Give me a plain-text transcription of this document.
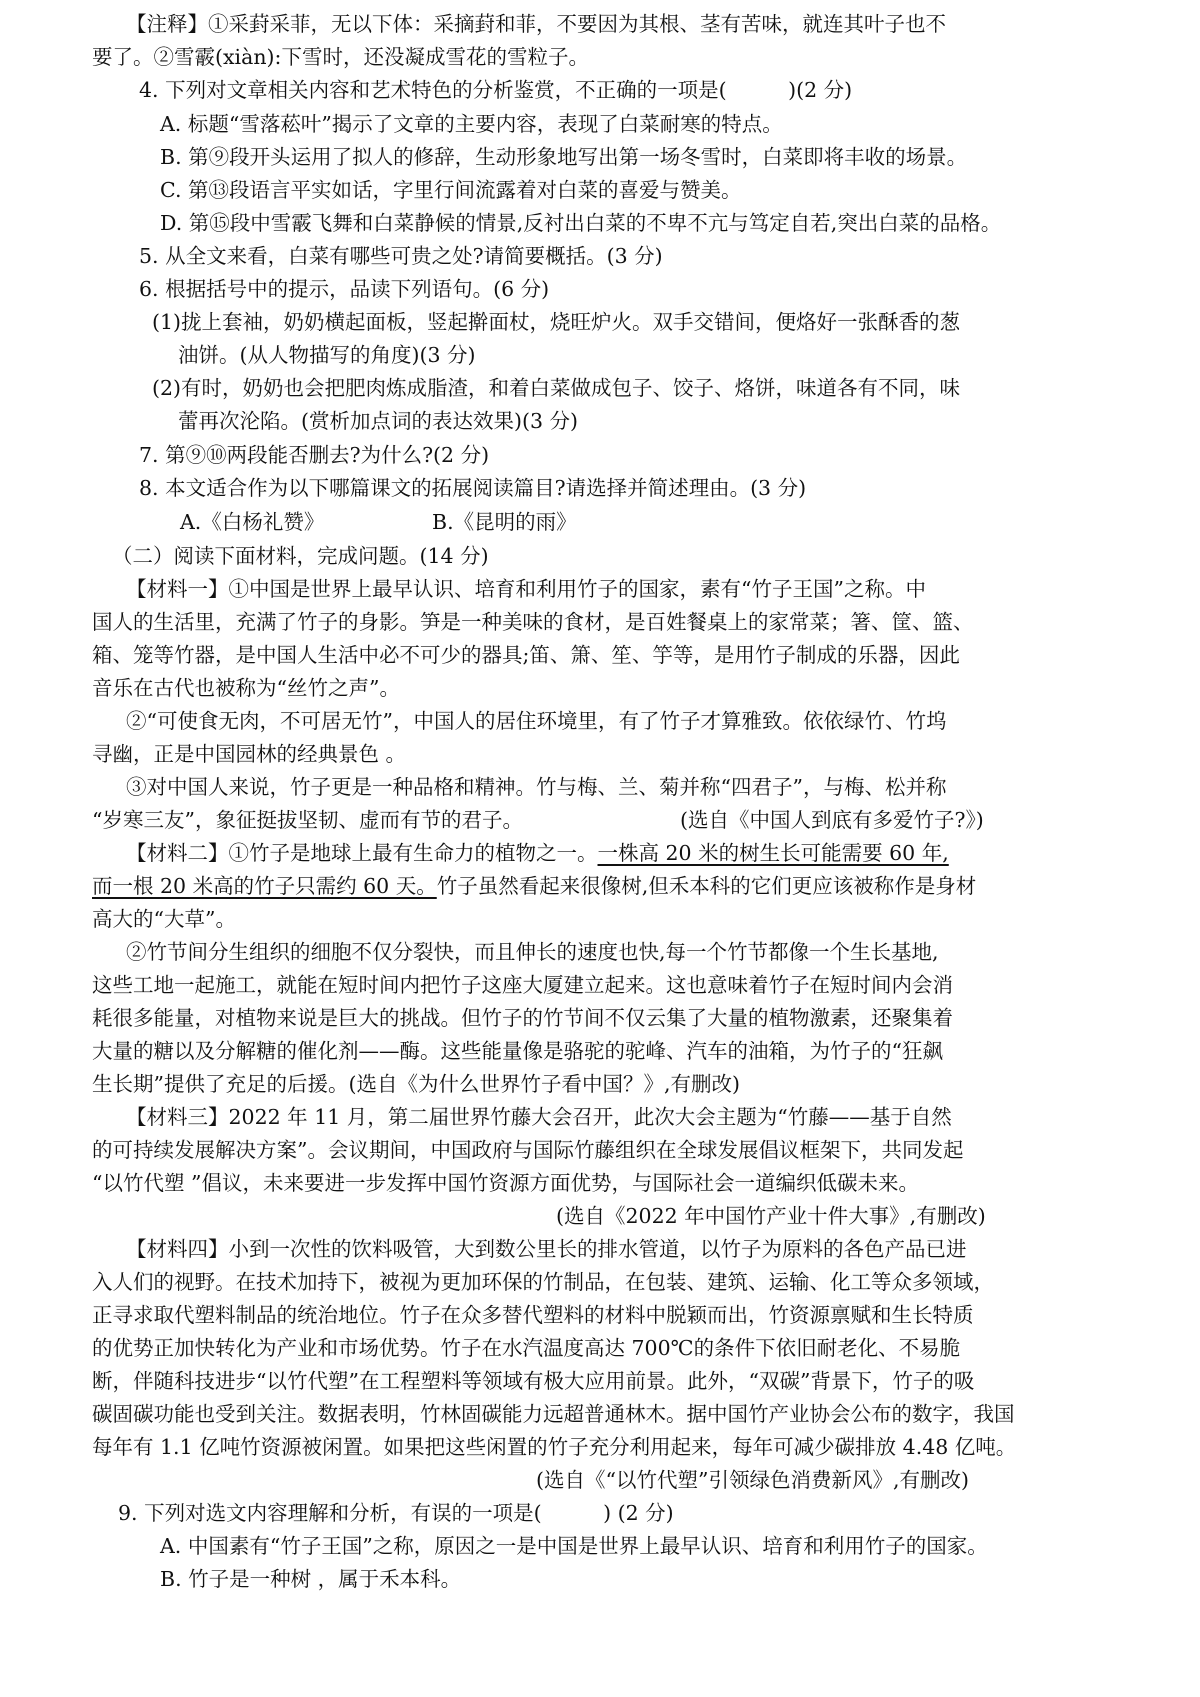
【注释】①采葑采菲，无以下体：采摘葑和菲，不要因为其根、茎有苦味，就连其叶子也不
要了。②雪霰(xiàn):下雪时，还没凝成雪花的雪粒子。
4. 下列对文章相关内容和艺术特色的分析鉴赏，不正确的一项是(　　　)(2 分)
A. 标题“雪落菘叶”揭示了文章的主要内容，表现了白菜耐寒的特点。
B. 第⑨段开头运用了拟人的修辞，生动形象地写出第一场冬雪时，白菜即将丰收的场景。
C. 第⑬段语言平实如话，字里行间流露着对白菜的喜爱与赞美。
D. 第⑮段中雪霰飞舞和白菜静候的情景,反衬出白菜的不卑不亢与笃定自若,突出白菜的品格。
5. 从全文来看，白菜有哪些可贵之处?请简要概括。(3 分)
6. 根据括号中的提示，品读下列语句。(6 分)
(1)拢上套袖，奶奶横起面板，竖起擀面杖，烧旺炉火。双手交错间，便烙好一张酥香的葱
油饼。(从人物描写的角度)(3 分)
(2)有时，奶奶也会把肥肉炼成脂渣，和着白菜做成包子、饺子、烙饼，味道各有不同，味
蕾再次沦陷。(赏析加点词的表达效果)(3 分)
7. 第⑨⑩两段能否删去?为什么?(2 分)
8. 本文适合作为以下哪篇课文的拓展阅读篇目?请选择并简述理由。(3 分)
A.《白杨礼赞》	B.《昆明的雨》
（二）阅读下面材料，完成问题。(14 分)
【材料一】①中国是世界上最早认识、培育和利用竹子的国家，素有“竹子王国”之称。中
国人的生活里，充满了竹子的身影。笋是一种美味的食材，是百姓餐桌上的家常菜；箸、筐、篮、
箱、笼等竹器，是中国人生活中必不可少的器具;笛、箫、笙、竽等，是用竹子制成的乐器，因此
音乐在古代也被称为“丝竹之声”。
②“可使食无肉，不可居无竹”，中国人的居住环境里，有了竹子才算雅致。依依绿竹、竹坞
寻幽，正是中国园林的经典景色 。
③对中国人来说，竹子更是一种品格和精神。竹与梅、兰、菊并称“四君子”，与梅、松并称
“岁寒三友”，象征挺拔坚韧、虚而有节的君子。	(选自《中国人到底有多爱竹子?》)
【材料二】①竹子是地球上最有生命力的植物之一。一株高 20 米的树生长可能需要 60 年,
而一根 20 米高的竹子只需约 60 天。竹子虽然看起来很像树,但禾本科的它们更应该被称作是身材
高大的“大草”。
②竹节间分生组织的细胞不仅分裂快，而且伸长的速度也快,每一个竹节都像一个生长基地,
这些工地一起施工，就能在短时间内把竹子这座大厦建立起来。这也意味着竹子在短时间内会消
耗很多能量，对植物来说是巨大的挑战。但竹子的竹节间不仅云集了大量的植物激素，还聚集着
大量的糖以及分解糖的催化剂——酶。这些能量像是骆驼的驼峰、汽车的油箱，为竹子的“狂飙
生长期”提供了充足的后援。(选自《为什么世界竹子看中国？》,有删改)
【材料三】2022 年 11 月，第二届世界竹藤大会召开，此次大会主题为“竹藤——基于自然
的可持续发展解决方案”。会议期间，中国政府与国际竹藤组织在全球发展倡议框架下，共同发起
“以竹代塑 ”倡议，未来要进一步发挥中国竹资源方面优势，与国际社会一道编织低碳未来。
(选自《2022 年中国竹产业十件大事》,有删改)
【材料四】小到一次性的饮料吸管，大到数公里长的排水管道，以竹子为原料的各色产品已进
入人们的视野。在技术加持下，被视为更加环保的竹制品，在包装、建筑、运输、化工等众多领域，
正寻求取代塑料制品的统治地位。竹子在众多替代塑料的材料中脱颖而出，竹资源禀赋和生长特质
的优势正加快转化为产业和市场优势。竹子在水汽温度高达 700℃的条件下依旧耐老化、不易脆
断，伴随科技进步“以竹代塑”在工程塑料等领域有极大应用前景。此外，“双碳”背景下，竹子的吸
碳固碳功能也受到关注。数据表明，竹林固碳能力远超普通林木。据中国竹产业协会公布的数字，我国
每年有 1.1 亿吨竹资源被闲置。如果把这些闲置的竹子充分利用起来，每年可减少碳排放 4.48 亿吨。
(选自《“以竹代塑”引领绿色消费新风》,有删改)
9. 下列对选文内容理解和分析，有误的一项是(　　　) (2 分)
A. 中国素有“竹子王国”之称，原因之一是中国是世界上最早认识、培育和利用竹子的国家。
B. 竹子是一种树 ，属于禾本科。
